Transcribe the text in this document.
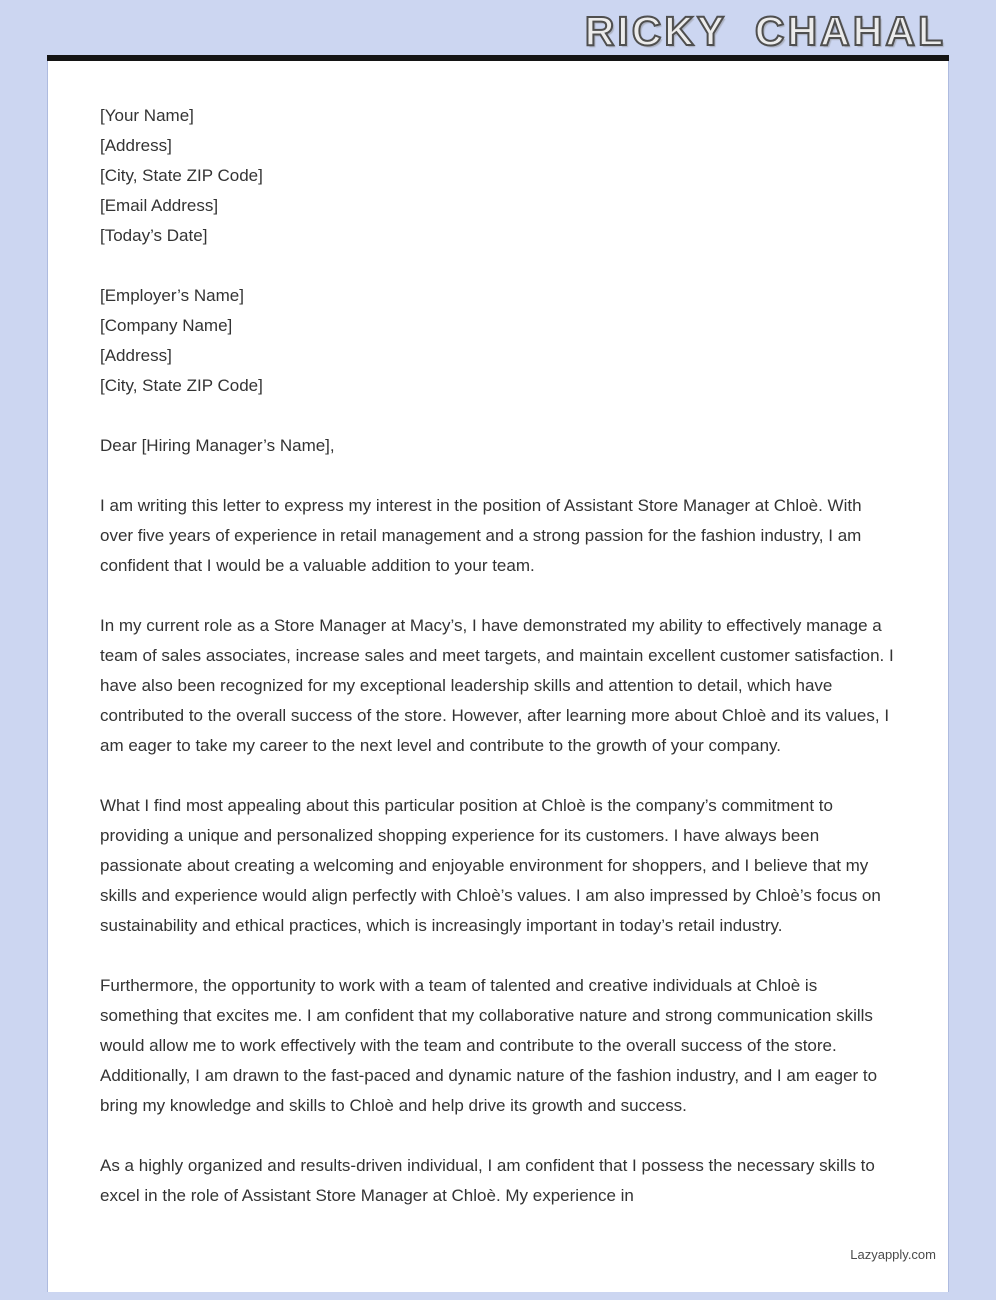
RICKY CHAHAL
[Your Name]
[Address]
[City, State ZIP Code]
[Email Address]
[Today’s Date]
[Employer’s Name]
[Company Name]
[Address]
[City, State ZIP Code]
Dear [Hiring Manager’s Name],
I am writing this letter to express my interest in the position of Assistant Store Manager at Chloè. With over five years of experience in retail management and a strong passion for the fashion industry, I am confident that I would be a valuable addition to your team.
In my current role as a Store Manager at Macy’s, I have demonstrated my ability to effectively manage a team of sales associates, increase sales and meet targets, and maintain excellent customer satisfaction. I have also been recognized for my exceptional leadership skills and attention to detail, which have contributed to the overall success of the store. However, after learning more about Chloè and its values, I am eager to take my career to the next level and contribute to the growth of your company.
What I find most appealing about this particular position at Chloè is the company’s commitment to providing a unique and personalized shopping experience for its customers. I have always been passionate about creating a welcoming and enjoyable environment for shoppers, and I believe that my skills and experience would align perfectly with Chloè’s values. I am also impressed by Chloè’s focus on sustainability and ethical practices, which is increasingly important in today’s retail industry.
Furthermore, the opportunity to work with a team of talented and creative individuals at Chloè is something that excites me. I am confident that my collaborative nature and strong communication skills would allow me to work effectively with the team and contribute to the overall success of the store. Additionally, I am drawn to the fast-paced and dynamic nature of the fashion industry, and I am eager to bring my knowledge and skills to Chloè and help drive its growth and success.
As a highly organized and results-driven individual, I am confident that I possess the necessary skills to excel in the role of Assistant Store Manager at Chloè. My experience in
Lazyapply.com
